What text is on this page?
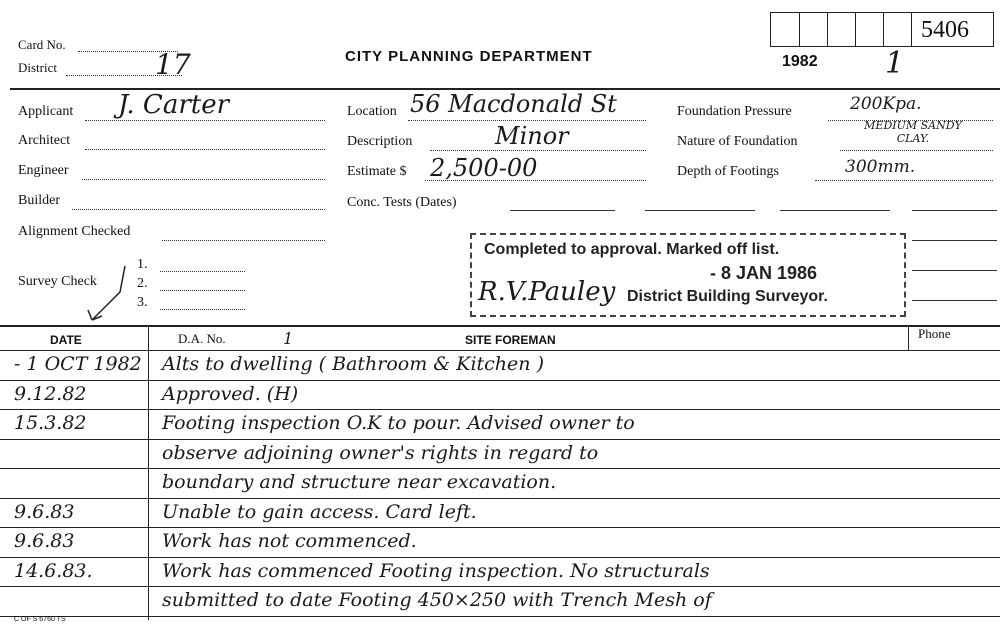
Card No.
District	17	CITY PLANNING DEPARTMENT	1982 1
5406
Applicant J. Carter
Architect
Engineer
Builder
Alignment Checked
Survey Check
1.
2.
3.
Location 56 Macdonald St
Description	Minor
Estimate $ 2,500-00
Conc. Tests (Dates)
Foundation Pressure	200Kpa.
Nature of Foundation
MEDIUM SANDY CLAY.
Depth of Footings	300mm.
Completed to approval. Marked off list.
- 8 JAN 1986
R.V.Pauley District Building Surveyor.
DATE	D.A. No.	1	SITE FOREMAN	Phone
- 1 OCT 1982 Alts to dwelling ( Bathroom & Kitchen )
9.12.82	Approved. (H)
15.3.82	Footing inspection O.K to pour. Advised owner to
observe adjoining owner's rights in regard to
boundary and structure near excavation.
9.6.83	Unable to gain access. Card left.
9.6.83	Work has not commenced.
14.6.83.	Work has commenced Footing inspection. No structurals
submitted to date Footing 450×250 with Trench Mesh of
C OF S 6760 TS
